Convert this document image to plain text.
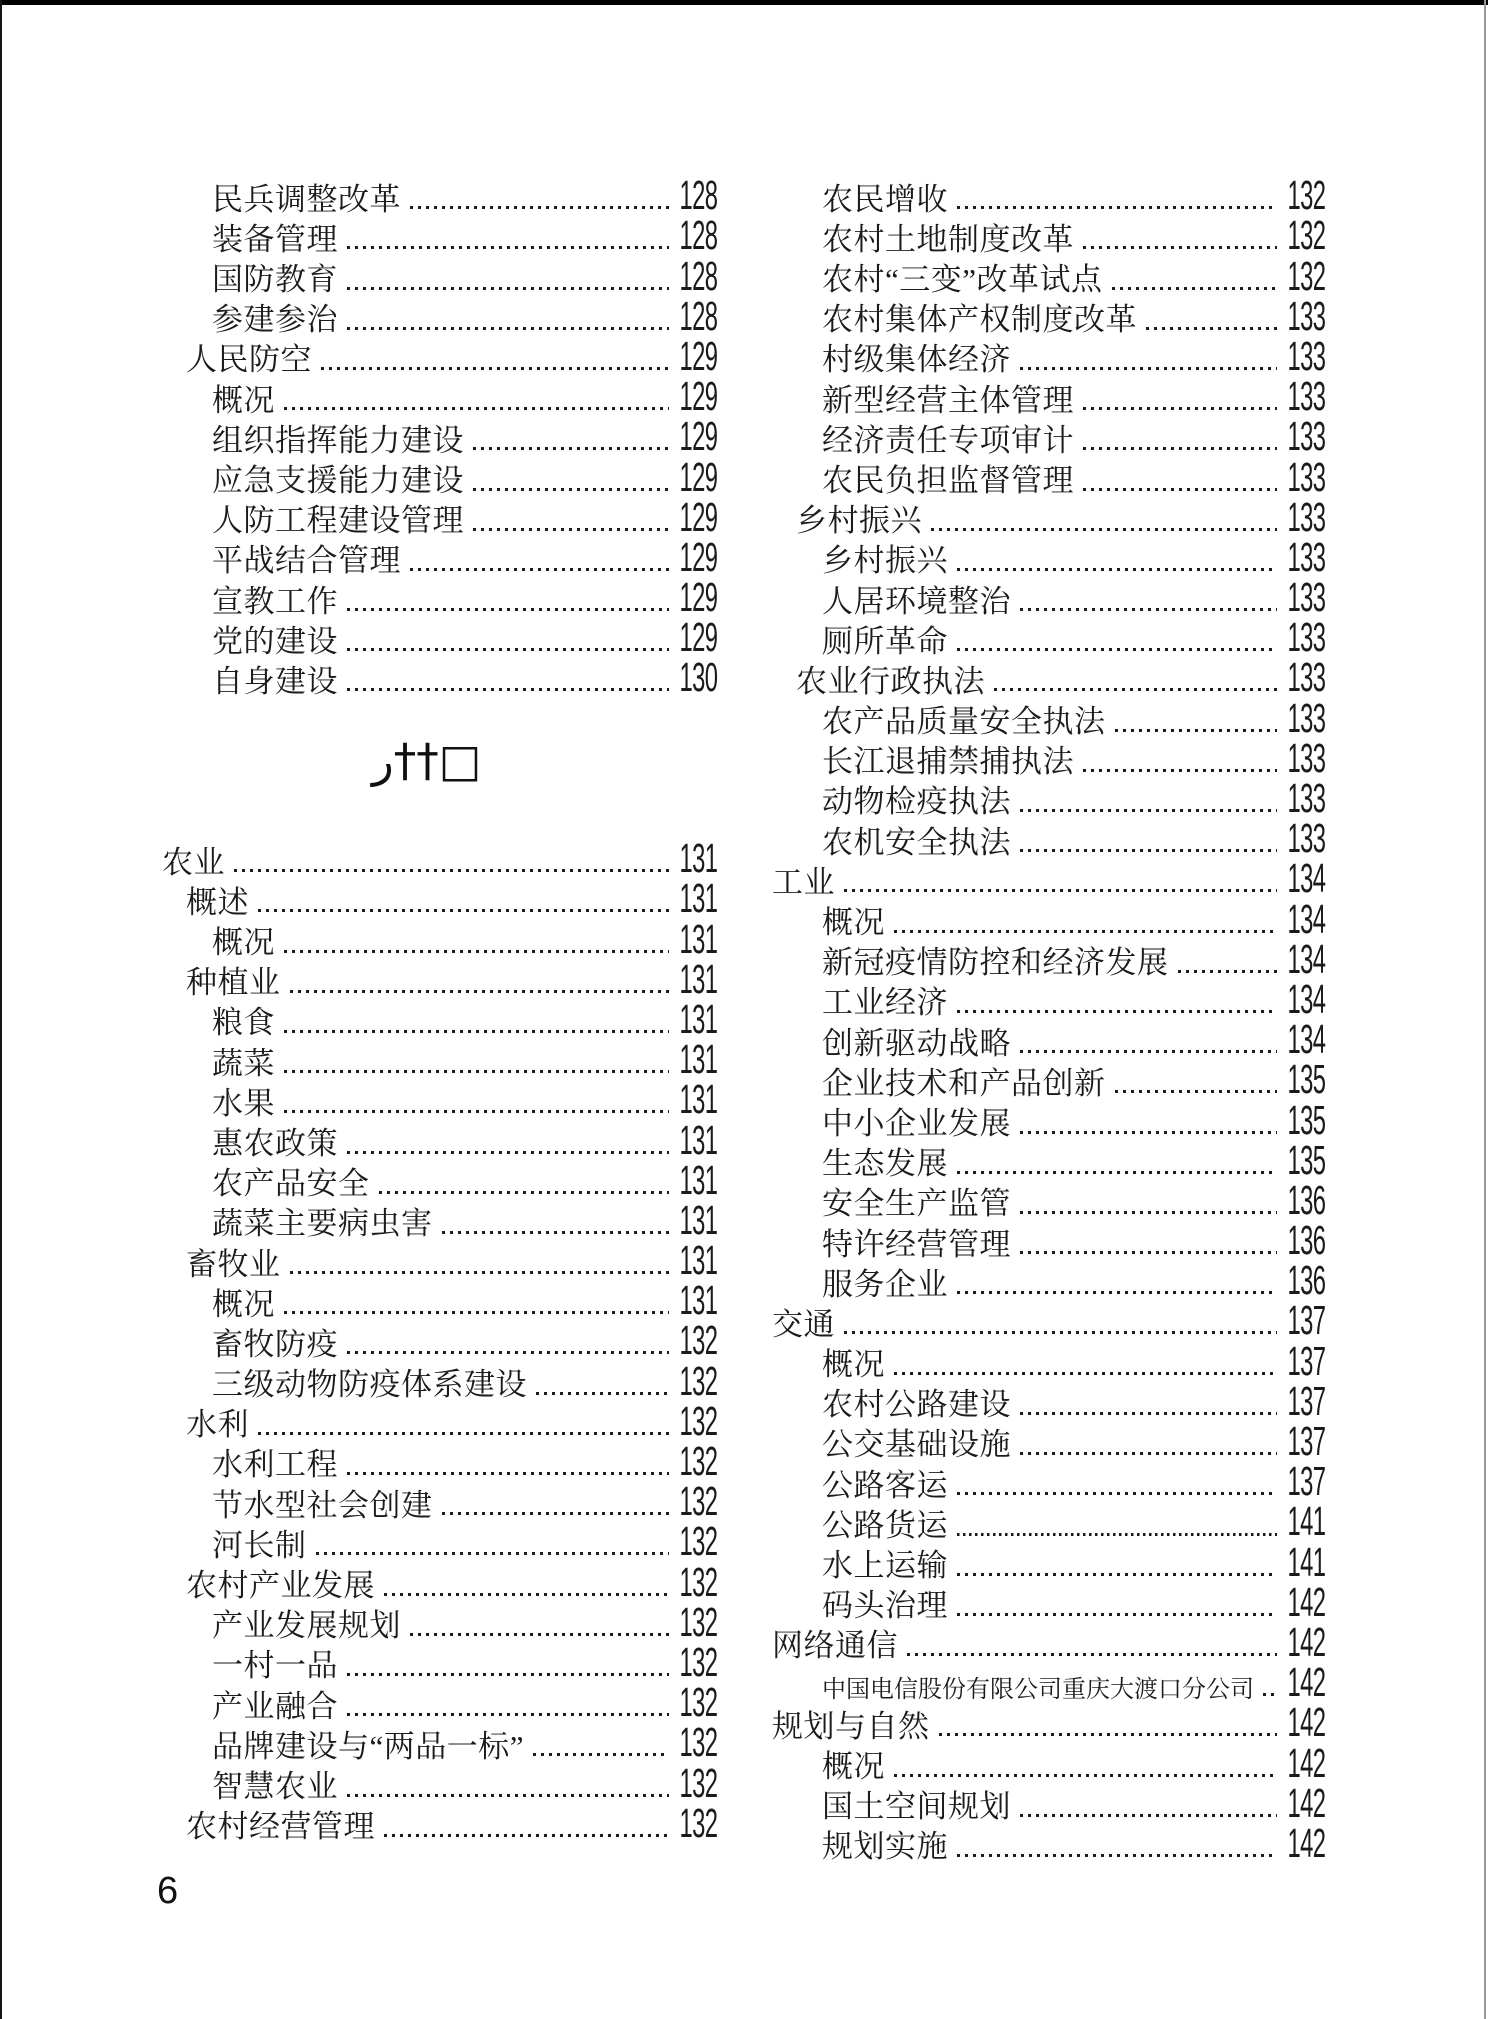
民兵调整改革	128
装备管理	128
国防教育	128
参建参治	128
人民防空	129
概况	129
组织指挥能力建设	129
应急支援能力建设	129
人防工程建设管理	129
平战结合管理	129
宣教工作	129
党的建设	129
自身建设	130
ر††□
农业	131
概述	131
概况	131
种植业	131
粮食	131
蔬菜	131
水果	131
惠农政策	131
农产品安全	131
蔬菜主要病虫害	131
畜牧业	131
概况	131
畜牧防疫	132
三级动物防疫体系建设	132
水利	132
水利工程	132
节水型社会创建	132
河长制	132
农村产业发展	132
产业发展规划	132
一村一品	132
产业融合	132
品牌建设与“两品一标”	132
智慧农业	132
农村经营管理	132
农民增收	132
农村土地制度改革	132
农村“三变”改革试点	132
农村集体产权制度改革	133
村级集体经济	133
新型经营主体管理	133
经济责任专项审计	133
农民负担监督管理	133
乡村振兴	133
乡村振兴	133
人居环境整治	133
厕所革命	133
农业行政执法	133
农产品质量安全执法	133
长江退捕禁捕执法	133
动物检疫执法	133
农机安全执法	133
工业	134
概况	134
新冠疫情防控和经济发展	134
工业经济	134
创新驱动战略	134
企业技术和产品创新	135
中小企业发展	135
生态发展	135
安全生产监管	136
特许经营管理	136
服务企业	136
交通	137
概况	137
农村公路建设	137
公交基础设施	137
公路客运	137
公路货运	141
水上运输	141
码头治理	142
网络通信	142
中国电信股份有限公司重庆大渡口分公司 142
规划与自然	142
概况	142
国土空间规划	142
规划实施	142
6
